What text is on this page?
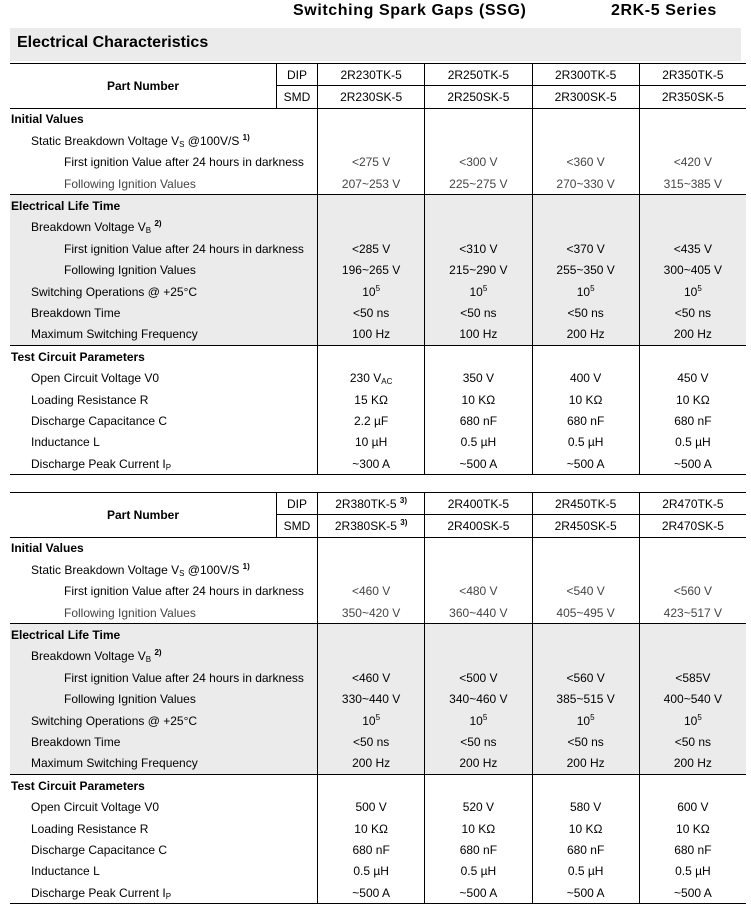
Switching Spark Gaps (SSG)	2RK-5 Series
Electrical Characteristics
Part Number	DIP	2R230TK-5	2R250TK-5	2R300TK-5	2R350TK-5
	SMD	2R230SK-5	2R250SK-5	2R300SK-5	2R350SK-5
Initial Values					
Static Breakdown Voltage $V_S$ @100V/S $^{1)}$				
First ignition Value after 24 hours in darkness		<275 V	<300 V	<360 V	<420 V
Following Ignition Values		207~253 V	225~275 V	270~330 V	315~385 V
Electrical Life Time					
Breakdown Voltage $V_B$ $^{2)}$				
First ignition Value after 24 hours in darkness		<285 V	<310 V	<370 V	<435 V
Following Ignition Values		196~265 V	215~290 V	255~350 V	300~405 V
Switching Operations @ +25°C		$10^5$	$10^5$	$10^5$	$10^5$
Breakdown Time		<50 ns	<50 ns	<50 ns	<50 ns
Maximum Switching Frequency		100 Hz	100 Hz	200 Hz	200 Hz
Test Circuit Parameters					
Open Circuit Voltage V0		230 $V_{AC}$	350 V	400 V	450 V
Loading Resistance R		15 KΩ	10 KΩ	10 KΩ	10 KΩ
Discharge Capacitance C		2.2 µF	680 nF	680 nF	680 nF
Inductance L		10 µH	0.5 µH	0.5 µH	0.5 µH
Discharge Peak Current $I_P$		~300 A	~500 A	~500 A	~500 A
Part Number	DIP	2R380TK-5 $^{3)}$	2R400TK-5	2R450TK-5	2R470TK-5
	SMD	2R380SK-5 $^{3)}$	2R400SK-5	2R450SK-5	2R470SK-5
Initial Values					
Static Breakdown Voltage $V_S$ @100V/S $^{1)}$				
First ignition Value after 24 hours in darkness		<460 V	<480 V	<540 V	<560 V
Following Ignition Values		350~420 V	360~440 V	405~495 V	423~517 V
Electrical Life Time					
Breakdown Voltage $V_B$ $^{2)}$				
First ignition Value after 24 hours in darkness		<460 V	<500 V	<560 V	<585V
Following Ignition Values		330~440 V	340~460 V	385~515 V	400~540 V
Switching Operations @ +25°C		$10^5$	$10^5$	$10^5$	$10^5$
Breakdown Time		<50 ns	<50 ns	<50 ns	<50 ns
Maximum Switching Frequency		200 Hz	200 Hz	200 Hz	200 Hz
Test Circuit Parameters					
Open Circuit Voltage V0		500 V	520 V	580 V	600 V
Loading Resistance R		10 KΩ	10 KΩ	10 KΩ	10 KΩ
Discharge Capacitance C		680 nF	680 nF	680 nF	680 nF
Inductance L		0.5 µH	0.5 µH	0.5 µH	0.5 µH
Discharge Peak Current $I_P$		~500 A	~500 A	~500 A	~500 A
